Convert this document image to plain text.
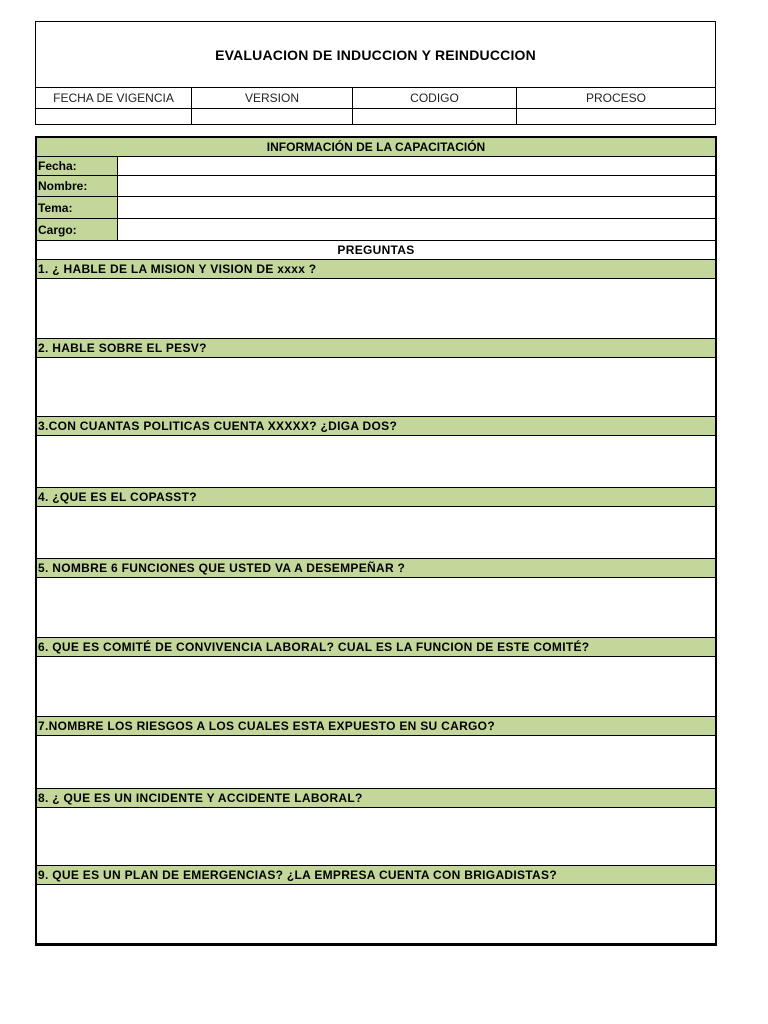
EVALUACION DE INDUCCION Y REINDUCCION
FECHA DE VIGENCIA	VERSION	CODIGO	PROCESO
INFORMACIÓN DE LA CAPACITACIÓN
Fecha:
Nombre:
Tema:
Cargo:
PREGUNTAS
1. ¿ HABLE DE LA MISION Y VISION DE xxxx ?
2. HABLE SOBRE EL PESV?
3.CON CUANTAS POLITICAS CUENTA XXXXX? ¿DIGA DOS?
4. ¿QUE ES EL COPASST?
5. NOMBRE 6 FUNCIONES QUE USTED VA A DESEMPEÑAR ?
6. QUE ES COMITÉ DE CONVIVENCIA LABORAL? CUAL ES LA FUNCION DE ESTE COMITÉ?
7.NOMBRE LOS RIESGOS A LOS CUALES ESTA EXPUESTO EN SU CARGO?
8. ¿ QUE ES UN INCIDENTE Y ACCIDENTE LABORAL?
9. QUE ES UN PLAN DE EMERGENCIAS? ¿LA EMPRESA CUENTA CON BRIGADISTAS?
